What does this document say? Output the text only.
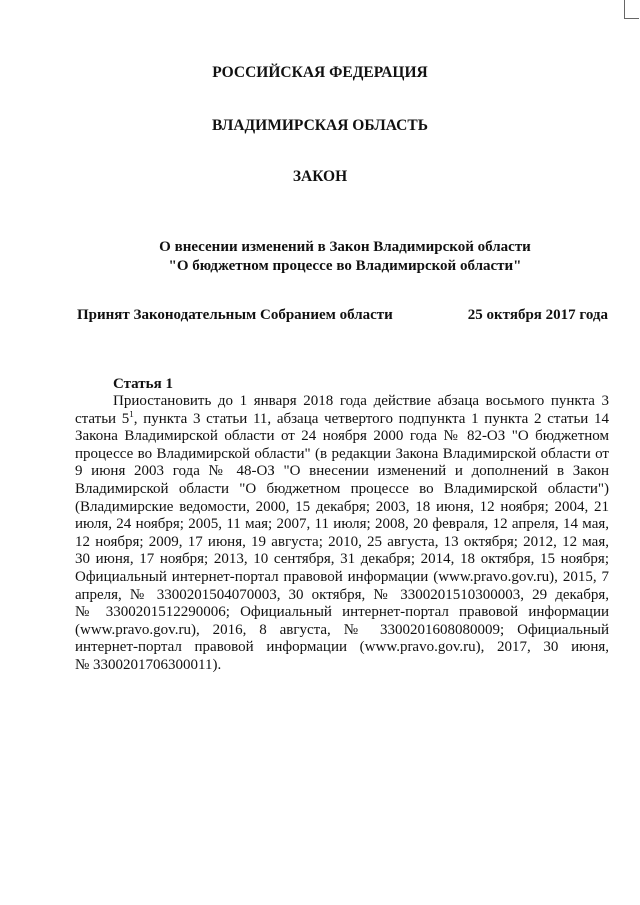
РОССИЙСКАЯ ФЕДЕРАЦИЯ
ВЛАДИМИРСКАЯ ОБЛАСТЬ
ЗАКОН
О внесении изменений в Закон Владимирской области
"О бюджетном процессе во Владимирской области"
Принят Законодательным Собранием области	25 октября 2017 года
Статья 1
Приостановить до 1 января 2018 года действие абзаца восьмого пункта 3
статьи $5^1$, пункта 3 статьи 11, абзаца четвертого подпункта 1 пункта 2 статьи 14
Закона Владимирской области от 24 ноября 2000 года № 82-ОЗ "О бюджетном
процессе во Владимирской области" (в редакции Закона Владимирской области от
9 июня 2003 года № 48-ОЗ "О внесении изменений и дополнений в Закон
Владимирской области "О бюджетном процессе во Владимирской области")
(Владимирские ведомости, 2000, 15 декабря; 2003, 18 июня, 12 ноября; 2004, 21
июля, 24 ноября; 2005, 11 мая; 2007, 11 июля; 2008, 20 февраля, 12 апреля, 14 мая,
12 ноября; 2009, 17 июня, 19 августа; 2010, 25 августа, 13 октября; 2012, 12 мая,
30 июня, 17 ноября; 2013, 10 сентября, 31 декабря; 2014, 18 октября, 15 ноября;
Официальный интернет-портал правовой информации (www.pravo.gov.ru), 2015, 7
апреля, № 3300201504070003, 30 октября, № 3300201510300003, 29 декабря,
№ 3300201512290006; Официальный интернет-портал правовой информации
(www.pravo.gov.ru), 2016, 8 августа, № 3300201608080009; Официальный
интернет-портал правовой информации (www.pravo.gov.ru), 2017, 30 июня,
№ 3300201706300011).
